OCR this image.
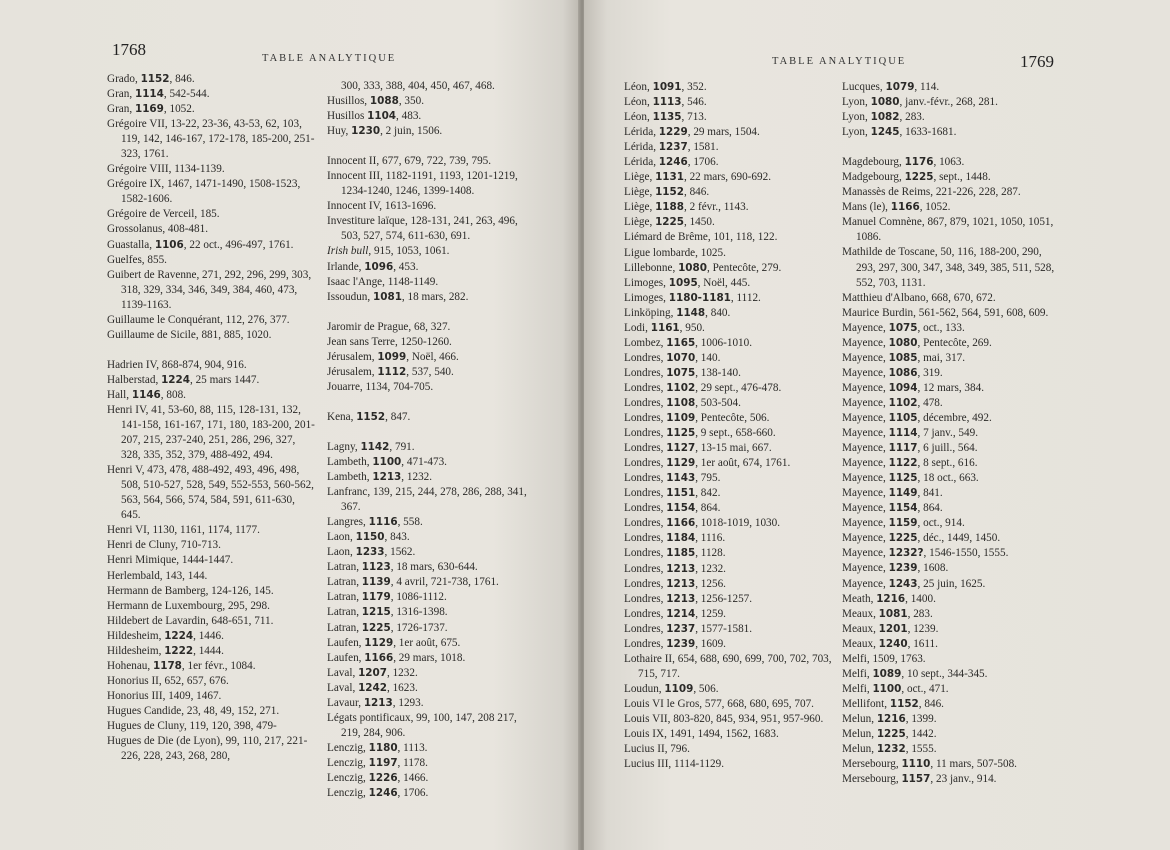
1768	TABLE ANALYTIQUE
Grado, 1152, 846.
Gran, 1114, 542-544.
Gran, 1169, 1052.
Grégoire VII, 13-22, 23-36, 43-53, 62, 103, 119, 142, 146-167, 172-178, 185-200, 251-323, 1761.
Grégoire VIII, 1134-1139.
Grégoire IX, 1467, 1471-1490, 1508-1523, 1582-1606.
Grégoire de Verceil, 185.
Grossolanus, 408-481.
Guastalla, 1106, 22 oct., 496-497, 1761.
Guelfes, 855.
Guibert de Ravenne, 271, 292, 296, 299, 303, 318, 329, 334, 346, 349, 384, 460, 473, 1139-1163.
Guillaume le Conquérant, 112, 276, 377.
Guillaume de Sicile, 881, 885, 1020.
Hadrien IV, 868-874, 904, 916.
Halberstad, 1224, 25 mars 1447.
Hall, 1146, 808.
Henri IV, 41, 53-60, 88, 115, 128-131, 132, 141-158, 161-167, 171, 180, 183-200, 201-207, 215, 237-240, 251, 286, 296, 327, 328, 335, 352, 379, 488-492, 494.
Henri V, 473, 478, 488-492, 493, 496, 498, 508, 510-527, 528, 549, 552-553, 560-562, 563, 564, 566, 574, 584, 591, 611-630, 645.
Henri VI, 1130, 1161, 1174, 1177.
Henri de Cluny, 710-713.
Henri Mimique, 1444-1447.
Herlembald, 143, 144.
Hermann de Bamberg, 124-126, 145.
Hermann de Luxembourg, 295, 298.
Hildebert de Lavardin, 648-651, 711.
Hildesheim, 1224, 1446.
Hildesheim, 1222, 1444.
Hohenau, 1178, 1er févr., 1084.
Honorius II, 652, 657, 676.
Honorius III, 1409, 1467.
Hugues Candide, 23, 48, 49, 152, 271.
Hugues de Cluny, 119, 120, 398, 479-
Hugues de Die (de Lyon), 99, 110, 217, 221-226, 228, 243, 268, 280,
300, 333, 388, 404, 450, 467, 468.
Husillos, 1088, 350.
Husillos 1104, 483.
Huy, 1230, 2 juin, 1506.
Innocent II, 677, 679, 722, 739, 795.
Innocent III, 1182-1191, 1193, 1201-1219, 1234-1240, 1246, 1399-1408.
Innocent IV, 1613-1696.
Investiture laïque, 128-131, 241, 263, 496, 503, 527, 574, 611-630, 691.
Irish bull, 915, 1053, 1061.
Irlande, 1096, 453.
Isaac l'Ange, 1148-1149.
Issoudun, 1081, 18 mars, 282.
Jaromir de Prague, 68, 327.
Jean sans Terre, 1250-1260.
Jérusalem, 1099, Noël, 466.
Jérusalem, 1112, 537, 540.
Jouarre, 1134, 704-705.
Kena, 1152, 847.
Lagny, 1142, 791.
Lambeth, 1100, 471-473.
Lambeth, 1213, 1232.
Lanfranc, 139, 215, 244, 278, 286, 288, 341, 367.
Langres, 1116, 558.
Laon, 1150, 843.
Laon, 1233, 1562.
Latran, 1123, 18 mars, 630-644.
Latran, 1139, 4 avril, 721-738, 1761.
Latran, 1179, 1086-1112.
Latran, 1215, 1316-1398.
Latran, 1225, 1726-1737.
Laufen, 1129, 1er août, 675.
Laufen, 1166, 29 mars, 1018.
Laval, 1207, 1232.
Laval, 1242, 1623.
Lavaur, 1213, 1293.
Légats pontificaux, 99, 100, 147, 208 217, 219, 284, 906.
Lenczig, 1180, 1113.
Lenczig, 1197, 1178.
Lenczig, 1226, 1466.
Lenczig, 1246, 1706.
1769
TABLE ANALYTIQUE
Léon, 1091, 352.
Léon, 1113, 546.
Léon, 1135, 713.
Lérida, 1229, 29 mars, 1504.
Lérida, 1237, 1581.
Lérida, 1246, 1706.
Liège, 1131, 22 mars, 690-692.
Liège, 1152, 846.
Liège, 1188, 2 févr., 1143.
Liège, 1225, 1450.
Liémard de Brême, 101, 118, 122.
Ligue lombarde, 1025.
Lillebonne, 1080, Pentecôte, 279.
Limoges, 1095, Noël, 445.
Limoges, 1180-1181, 1112.
Linköping, 1148, 840.
Lodi, 1161, 950.
Lombez, 1165, 1006-1010.
Londres, 1070, 140.
Londres, 1075, 138-140.
Londres, 1102, 29 sept., 476-478.
Londres, 1108, 503-504.
Londres, 1109, Pentecôte, 506.
Londres, 1125, 9 sept., 658-660.
Londres, 1127, 13-15 mai, 667.
Londres, 1129, 1er août, 674, 1761.
Londres, 1143, 795.
Londres, 1151, 842.
Londres, 1154, 864.
Londres, 1166, 1018-1019, 1030.
Londres, 1184, 1116.
Londres, 1185, 1128.
Londres, 1213, 1232.
Londres, 1213, 1256.
Londres, 1213, 1256-1257.
Londres, 1214, 1259.
Londres, 1237, 1577-1581.
Londres, 1239, 1609.
Lothaire II, 654, 688, 690, 699, 700, 702, 703, 715, 717.
Loudun, 1109, 506.
Louis VI le Gros, 577, 668, 680, 695, 707.
Louis VII, 803-820, 845, 934, 951, 957-960.
Louis IX, 1491, 1494, 1562, 1683.
Lucius II, 796.
Lucius III, 1114-1129.
Lucques, 1079, 114.
Lyon, 1080, janv.-févr., 268, 281.
Lyon, 1082, 283.
Lyon, 1245, 1633-1681.
Magdebourg, 1176, 1063.
Madgebourg, 1225, sept., 1448.
Manassès de Reims, 221-226, 228, 287.
Mans (le), 1166, 1052.
Manuel Comnène, 867, 879, 1021, 1050, 1051, 1086.
Mathilde de Toscane, 50, 116, 188-200, 290, 293, 297, 300, 347, 348, 349, 385, 511, 528, 552, 703, 1131.
Matthieu d'Albano, 668, 670, 672.
Maurice Burdin, 561-562, 564, 591, 608, 609.
Mayence, 1075, oct., 133.
Mayence, 1080, Pentecôte, 269.
Mayence, 1085, mai, 317.
Mayence, 1086, 319.
Mayence, 1094, 12 mars, 384.
Mayence, 1102, 478.
Mayence, 1105, décembre, 492.
Mayence, 1114, 7 janv., 549.
Mayence, 1117, 6 juill., 564.
Mayence, 1122, 8 sept., 616.
Mayence, 1125, 18 oct., 663.
Mayence, 1149, 841.
Mayence, 1154, 864.
Mayence, 1159, oct., 914.
Mayence, 1225, déc., 1449, 1450.
Mayence, 1232?, 1546-1550, 1555.
Mayence, 1239, 1608.
Mayence, 1243, 25 juin, 1625.
Meath, 1216, 1400.
Meaux, 1081, 283.
Meaux, 1201, 1239.
Meaux, 1240, 1611.
Melfi, 1509, 1763.
Melfi, 1089, 10 sept., 344-345.
Melfi, 1100, oct., 471.
Mellifont, 1152, 846.
Melun, 1216, 1399.
Melun, 1225, 1442.
Melun, 1232, 1555.
Mersebourg, 1110, 11 mars, 507-508.
Mersebourg, 1157, 23 janv., 914.
